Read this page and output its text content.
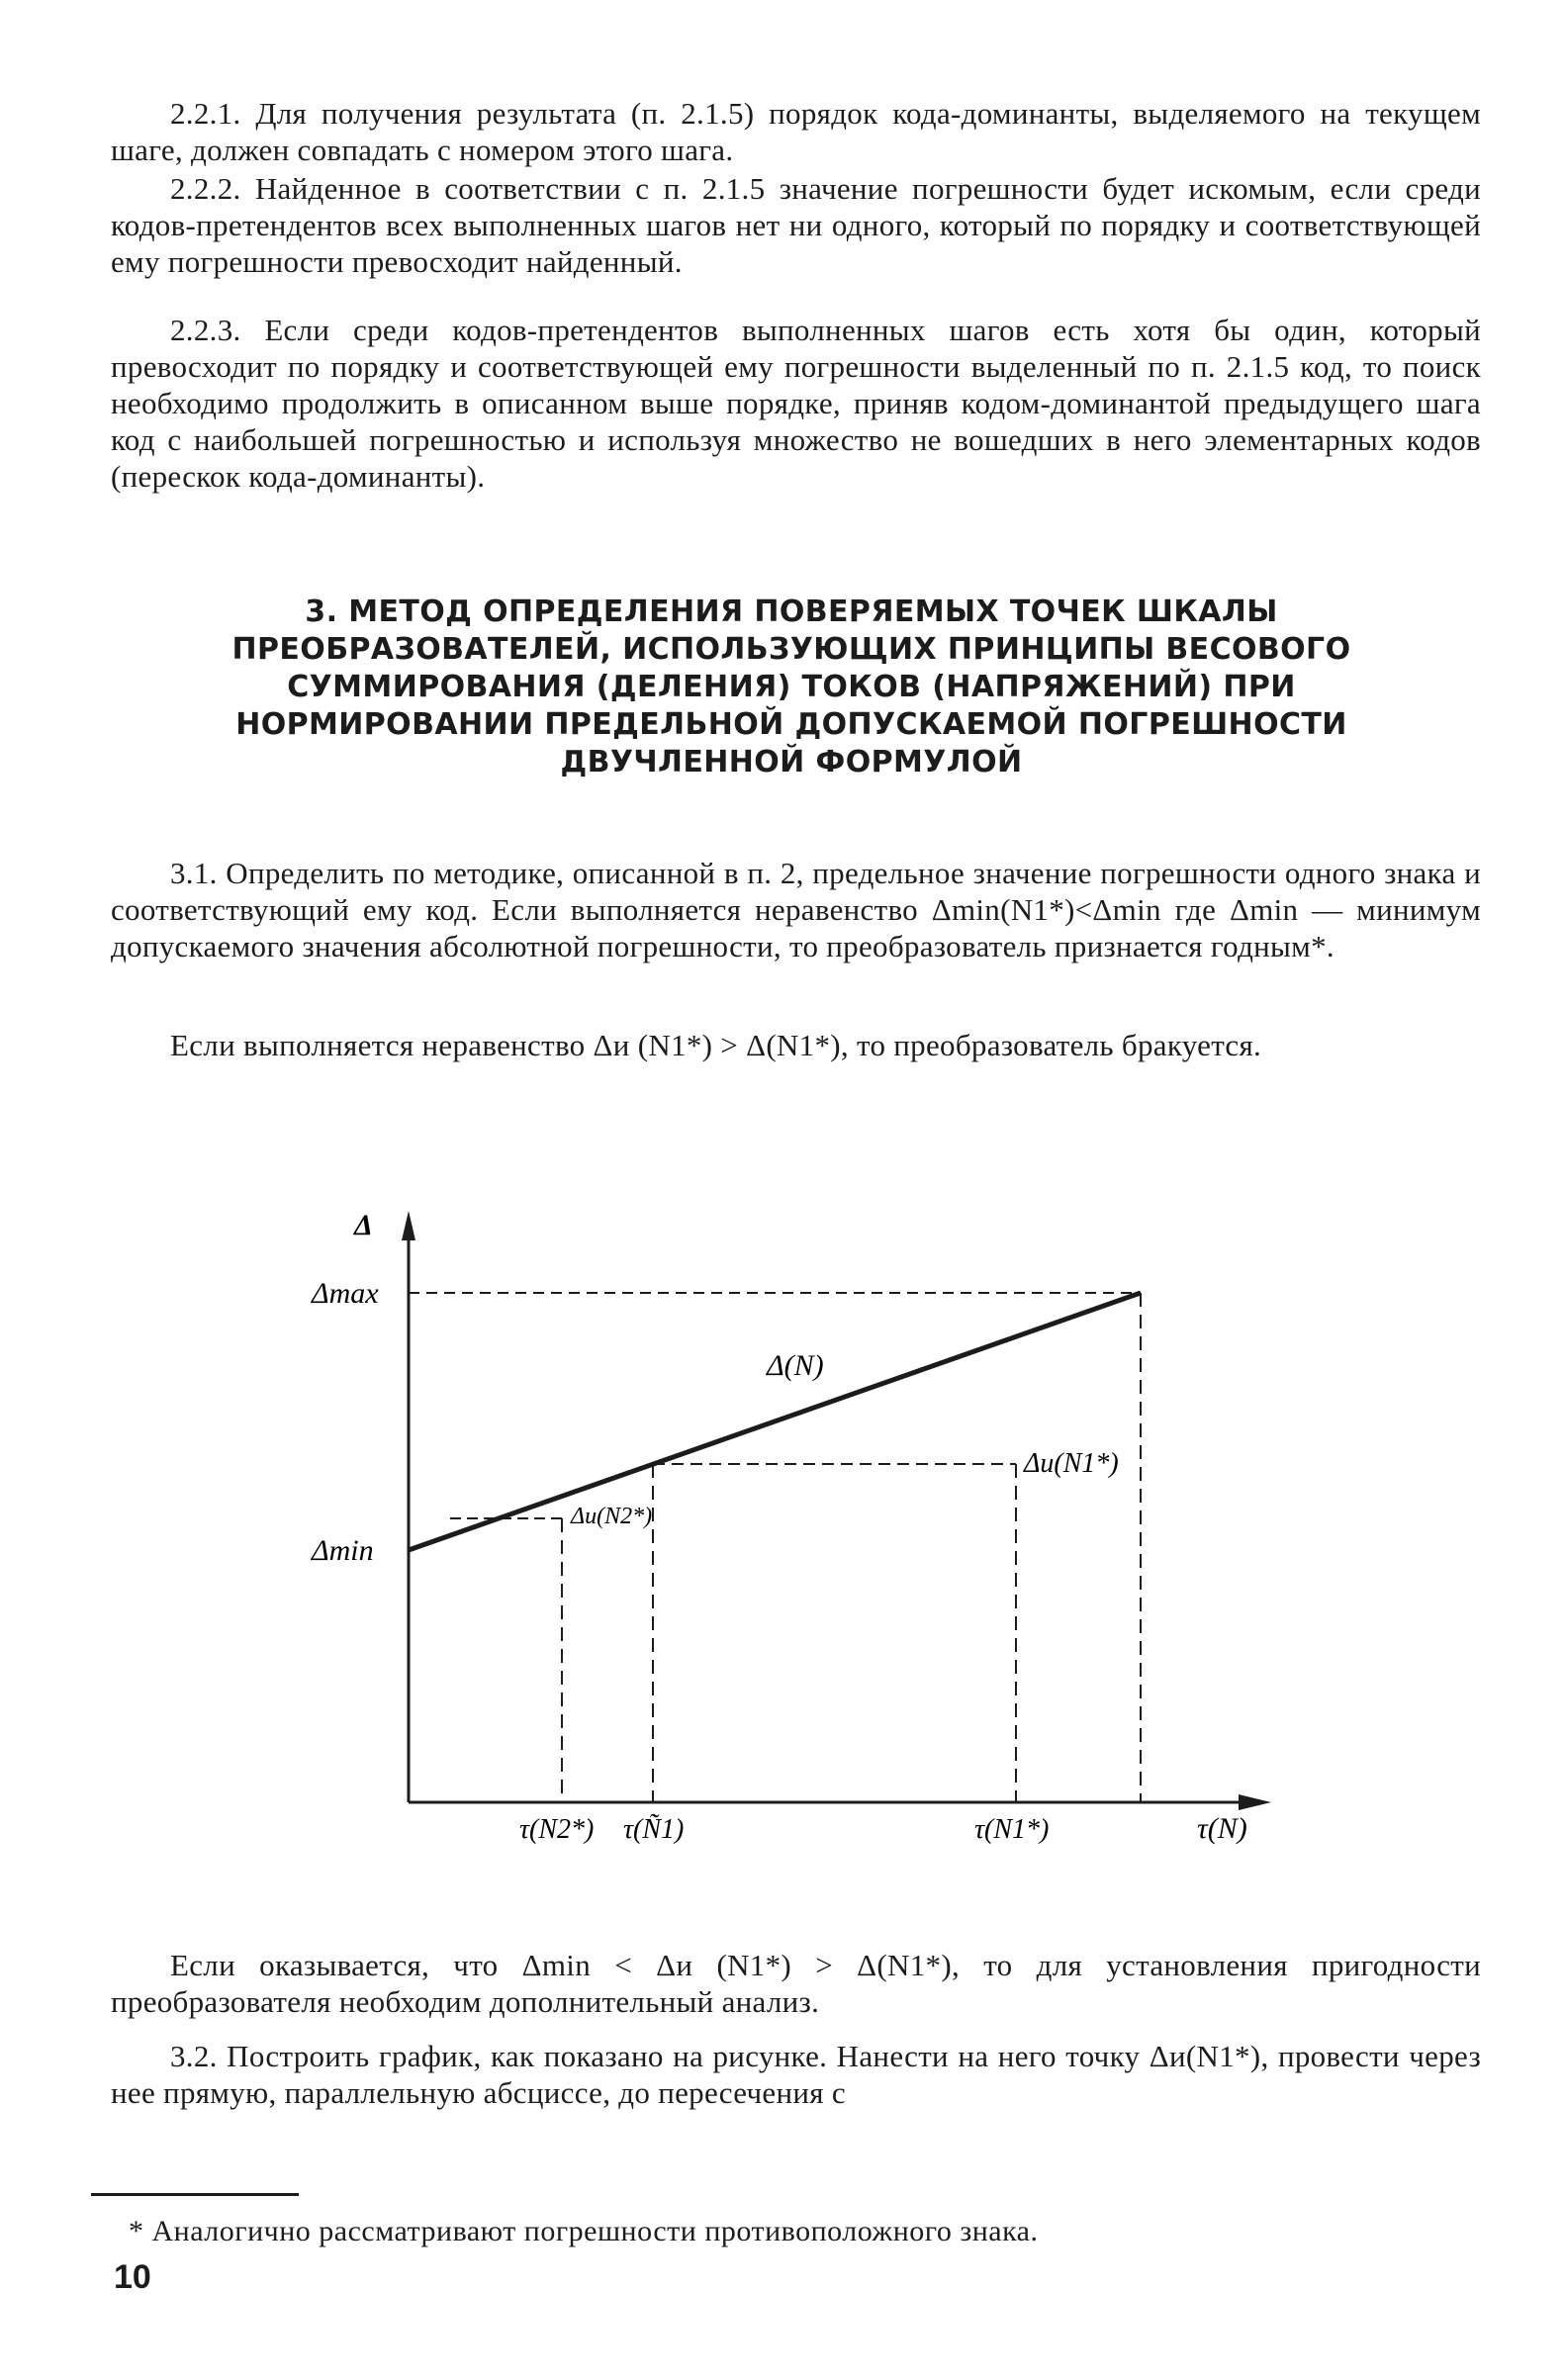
2.2.1. Для получения результата (п. 2.1.5) порядок кода-доминанты, выделяемого на текущем шаге, должен совпадать с номером этого шага.

2.2.2. Найденное в соответствии с п. 2.1.5 значение погрешности будет искомым, если среди кодов-претендентов всех выполненных шагов нет ни одного, который по порядку и соответствующей ему погрешности превосходит найденный.

2.2.3. Если среди кодов-претендентов выполненных шагов есть хотя бы один, который превосходит по порядку и соответствующей ему погрешности выделенный по п. 2.1.5 код, то поиск необходимо продолжить в описанном выше порядке, приняв кодом-доминантой предыдущего шага код с наибольшей погрешностью и используя множество не вошедших в него элементарных кодов (перескок кода-доминанты).

3. МЕТОД ОПРЕДЕЛЕНИЯ ПОВЕРЯЕМЫХ ТОЧЕК ШКАЛЫ ПРЕОБРАЗОВАТЕЛЕЙ, ИСПОЛЬЗУЮЩИХ ПРИНЦИПЫ ВЕСОВОГО СУММИРОВАНИЯ (ДЕЛЕНИЯ) ТОКОВ (НАПРЯЖЕНИЙ) ПРИ НОРМИРОВАНИИ ПРЕДЕЛЬНОЙ ДОПУСКАЕМОЙ ПОГРЕШНОСТИ ДВУЧЛЕННОЙ ФОРМУЛОЙ

3.1. Определить по методике, описанной в п. 2, предельное значение погрешности одного знака и соответствующий ему код. Если выполняется неравенство Δmin(N1*)<Δmin где Δmin — минимум допускаемого значения абсолютной погрешности, то преобразователь признается годным*.

Если выполняется неравенство Δи (N1*) > Δ(N1*), то преобразователь бракуется.

Δ
Δmax
Δmin
Δ(N)
Δи(N1*)
Δи(N2*)
τ(N2*) τ(Ñ1)	τ(N1*)	τ(N)

Если оказывается, что Δmin < Δи (N1*) > Δ(N1*), то для установления пригодности преобразователя необходим дополнительный анализ.

3.2. Построить график, как показано на рисунке. Нанести на него точку Δи(N1*), провести через нее прямую, параллельную абсциссе, до пересечения с

* Аналогично рассматривают погрешности противоположного знака.

10
